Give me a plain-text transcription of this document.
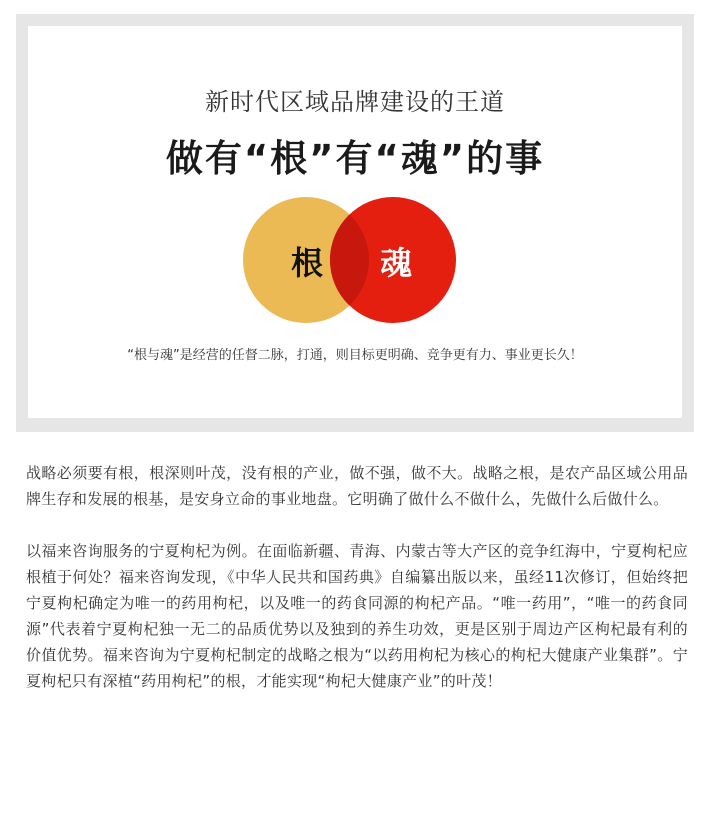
新时代区域品牌建设的王道
做有“根”有“魂”的事
根 魂
“根与魂”是经营的任督二脉，打通，则目标更明确、竞争更有力、事业更长久！

战略必须要有根，根深则叶茂，没有根的产业，做不强，做不大。战略之根，是农产品区域公用品牌生存和发展的根基，是安身立命的事业地盘。它明确了做什么不做什么，先做什么后做什么。

以福来咨询服务的宁夏枸杞为例。在面临新疆、青海、内蒙古等大产区的竞争红海中，宁夏枸杞应根植于何处？福来咨询发现，《中华人民共和国药典》自编纂出版以来，虽经11次修订，但始终把宁夏枸杞确定为唯一的药用枸杞，以及唯一的药食同源的枸杞产品。“唯一药用”，“唯一的药食同源”代表着宁夏枸杞独一无二的品质优势以及独到的养生功效，更是区别于周边产区枸杞最有利的价值优势。福来咨询为宁夏枸杞制定的战略之根为“以药用枸杞为核心的枸杞大健康产业集群”。宁夏枸杞只有深植“药用枸杞”的根，才能实现“枸杞大健康产业”的叶茂！
